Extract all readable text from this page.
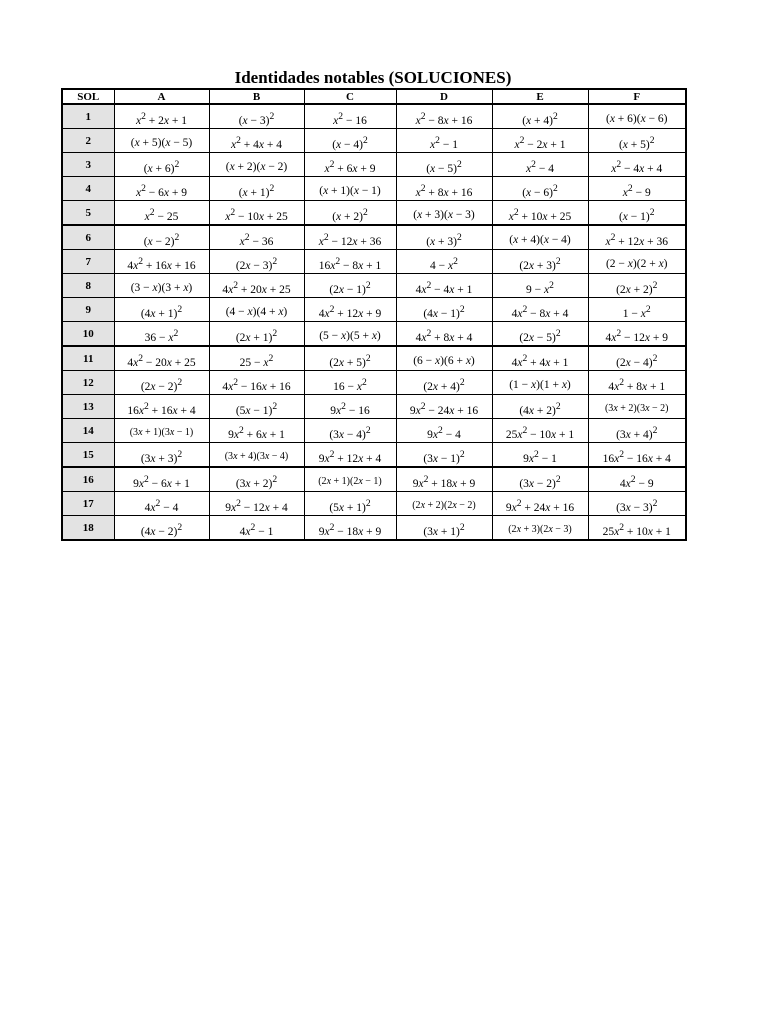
Identidades notables (SOLUCIONES)
SOL	A	B	C	D	E	F
1	$x^2 + 2x + 1$	$(x - 3)^2$	$x^2 - 16$	$x^2 - 8x + 16$	$(x + 4)^2$	(x + 6)(x − 6)
2	(x + 5)(x − 5)	$x^2 + 4x + 4$	$(x - 4)^2$	$x^2 - 1$	$x^2 - 2x + 1$	$(x + 5)^2$
3	$(x + 6)^2$	(x + 2)(x − 2)	$x^2 + 6x + 9$	$(x - 5)^2$	$x^2 - 4$	$x^2 - 4x + 4$
4	$x^2 - 6x + 9$	$(x + 1)^2$	(x + 1)(x − 1)	$x^2 + 8x + 16$	$(x - 6)^2$	$x^2 - 9$
5	$x^2 - 25$	$x^2 - 10x + 25$	$(x + 2)^2$	(x + 3)(x − 3)	$x^2 + 10x + 25$	$(x - 1)^2$
6	$(x - 2)^2$	$x^2 - 36$	$x^2 - 12x + 36$	$(x + 3)^2$	(x + 4)(x − 4)	$x^2 + 12x + 36$
7	$4x^2 + 16x + 16$	$(2x - 3)^2$	$16x^2 - 8x + 1$	$4 - x^2$	$(2x + 3)^2$	(2 − x)(2 + x)
8	(3 − x)(3 + x)	$4x^2 + 20x + 25$	$(2x - 1)^2$	$4x^2 - 4x + 1$	$9 - x^2$	$(2x + 2)^2$
9	$(4x + 1)^2$	(4 − x)(4 + x)	$4x^2 + 12x + 9$	$(4x - 1)^2$	$4x^2 - 8x + 4$	$1 - x^2$
10	$36 - x^2$	$(2x + 1)^2$	(5 − x)(5 + x)	$4x^2 + 8x + 4$	$(2x - 5)^2$	$4x^2 - 12x + 9$
11	$4x^2 - 20x + 25$	$25 - x^2$	$(2x + 5)^2$	(6 − x)(6 + x)	$4x^2 + 4x + 1$	$(2x - 4)^2$
12	$(2x - 2)^2$	$4x^2 - 16x + 16$	$16 - x^2$	$(2x + 4)^2$	(1 − x)(1 + x)	$4x^2 + 8x + 1$
13	$16x^2 + 16x + 4$	$(5x - 1)^2$	$9x^2 - 16$	$9x^2 - 24x + 16$	$(4x + 2)^2$	(3x + 2)(3x − 2)
14	(3x + 1)(3x − 1)	$9x^2 + 6x + 1$	$(3x - 4)^2$	$9x^2 - 4$	$25x^2 - 10x + 1$	$(3x + 4)^2$
15	$(3x + 3)^2$	(3x + 4)(3x − 4)	$9x^2 + 12x + 4$	$(3x - 1)^2$	$9x^2 - 1$	$16x^2 - 16x + 4$
16	$9x^2 - 6x + 1$	$(3x + 2)^2$	(2x + 1)(2x − 1)	$9x^2 + 18x + 9$	$(3x - 2)^2$	$4x^2 - 9$
17	$4x^2 - 4$	$9x^2 - 12x + 4$	$(5x + 1)^2$	(2x + 2)(2x − 2)	$9x^2 + 24x + 16$	$(3x - 3)^2$
18	$(4x - 2)^2$	$4x^2 - 1$	$9x^2 - 18x + 9$	$(3x + 1)^2$	(2x + 3)(2x − 3)	$25x^2 + 10x + 1$
